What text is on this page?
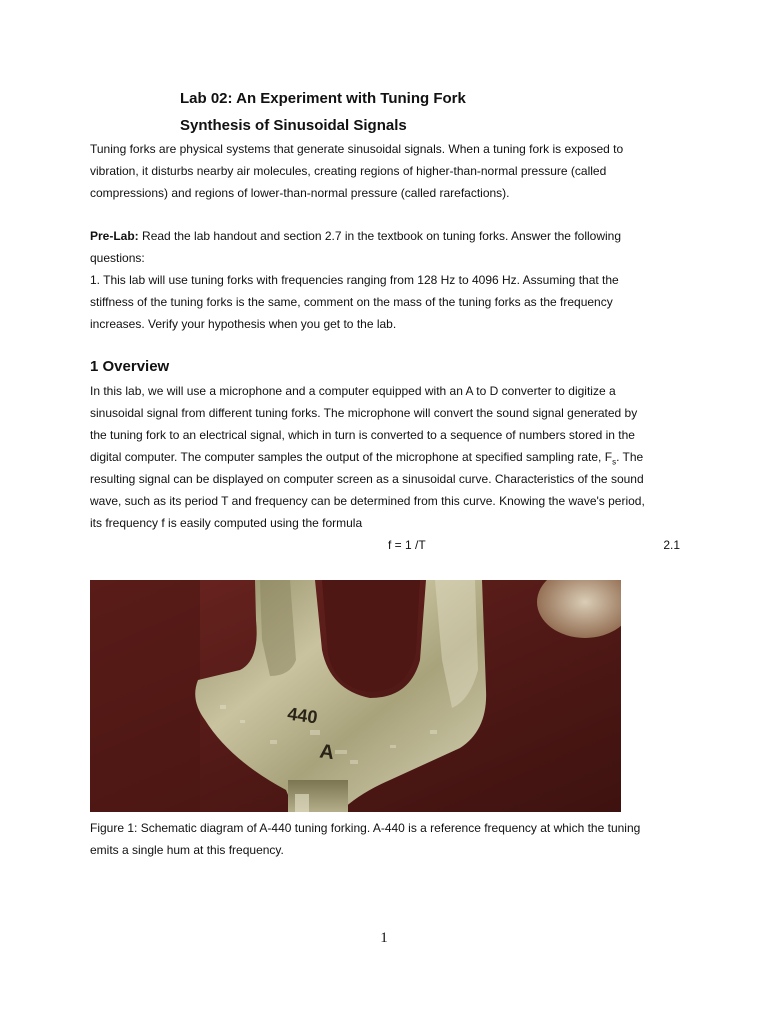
Lab 02: An Experiment with Tuning Fork
Synthesis of Sinusoidal Signals
Tuning forks are physical systems that generate sinusoidal signals. When a tuning fork is exposed to
vibration, it disturbs nearby air molecules, creating regions of higher-than-normal pressure (called
compressions) and regions of lower-than-normal pressure (called rarefactions).
Pre-Lab: Read the lab handout and section 2.7 in the textbook on tuning forks. Answer the following
questions:
1. This lab will use tuning forks with frequencies ranging from 128 Hz to 4096 Hz. Assuming that the
stiffness of the tuning forks is the same, comment on the mass of the tuning forks as the frequency
increases. Verify your hypothesis when you get to the lab.
1 Overview
In this lab, we will use a microphone and a computer equipped with an A to D converter to digitize a
sinusoidal signal from different tuning forks. The microphone will convert the sound signal generated by
the tuning fork to an electrical signal, which in turn is converted to a sequence of numbers stored in the
digital computer. The computer samples the output of the microphone at specified sampling rate, $F_s$. The
resulting signal can be displayed on computer screen as a sinusoidal curve. Characteristics of the sound
wave, such as its period T and frequency can be determined from this curve. Knowing the wave's period,
its frequency f is easily computed using the formula
f = 1 /T	2.1
440
A
Figure 1: Schematic diagram of A-440 tuning forking. A-440 is a reference frequency at which the tuning
emits a single hum at this frequency.
1
